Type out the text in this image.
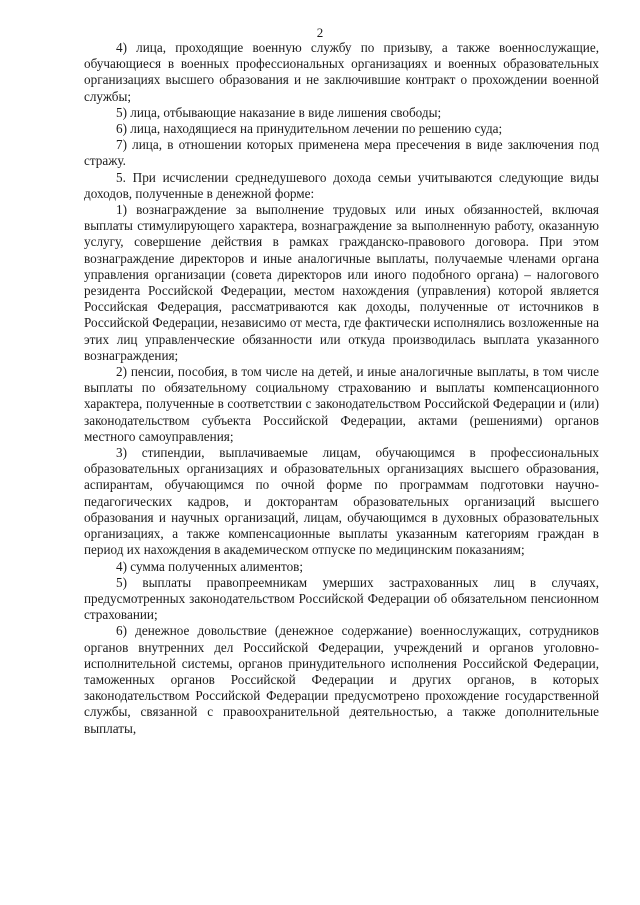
2

4) лица, проходящие военную службу по призыву, а также военнослужащие, обучающиеся в военных профессиональных организациях и военных образовательных организациях высшего образования и не заключившие контракт о прохождении военной службы;

5) лица, отбывающие наказание в виде лишения свободы;

6) лица, находящиеся на принудительном лечении по решению суда;

7) лица, в отношении которых применена мера пресечения в виде заключения под стражу.

5. При исчислении среднедушевого дохода семьи учитываются следующие виды доходов, полученные в денежной форме:

1) вознаграждение за выполнение трудовых или иных обязанностей, включая выплаты стимулирующего характера, вознаграждение за выполненную работу, оказанную услугу, совершение действия в рамках гражданско-правового договора. При этом вознаграждение директоров и иные аналогичные выплаты, получаемые членами органа управления организации (совета директоров или иного подобного органа) – налогового резидента Российской Федерации, местом нахождения (управления) которой является Российская Федерация, рассматриваются как доходы, полученные от источников в Российской Федерации, независимо от места, где фактически исполнялись возложенные на этих лиц управленческие обязанности или откуда производилась выплата указанного вознаграждения;

2) пенсии, пособия, в том числе на детей, и иные аналогичные выплаты, в том числе выплаты по обязательному социальному страхованию и выплаты компенсационного характера, полученные в соответствии с законодательством Российской Федерации и (или) законодательством субъекта Российской Федерации, актами (решениями) органов местного самоуправления;

3) стипендии, выплачиваемые лицам, обучающимся в профессиональных образовательных организациях и образовательных организациях высшего образования, аспирантам, обучающимся по очной форме по программам подготовки научно-педагогических кадров, и докторантам образовательных организаций высшего образования и научных организаций, лицам, обучающимся в духовных образовательных организациях, а также компенсационные выплаты указанным категориям граждан в период их нахождения в академическом отпуске по медицинским показаниям;

4) сумма полученных алиментов;

5) выплаты правопреемникам умерших застрахованных лиц в случаях, предусмотренных законодательством Российской Федерации об обязательном пенсионном страховании;

6) денежное довольствие (денежное содержание) военнослужащих, сотрудников органов внутренних дел Российской Федерации, учреждений и органов уголовно-исполнительной системы, органов принудительного исполнения Российской Федерации, таможенных органов Российской Федерации и других органов, в которых законодательством Российской Федерации предусмотрено прохождение государственной службы, связанной с правоохранительной деятельностью, а также дополнительные выплаты,
